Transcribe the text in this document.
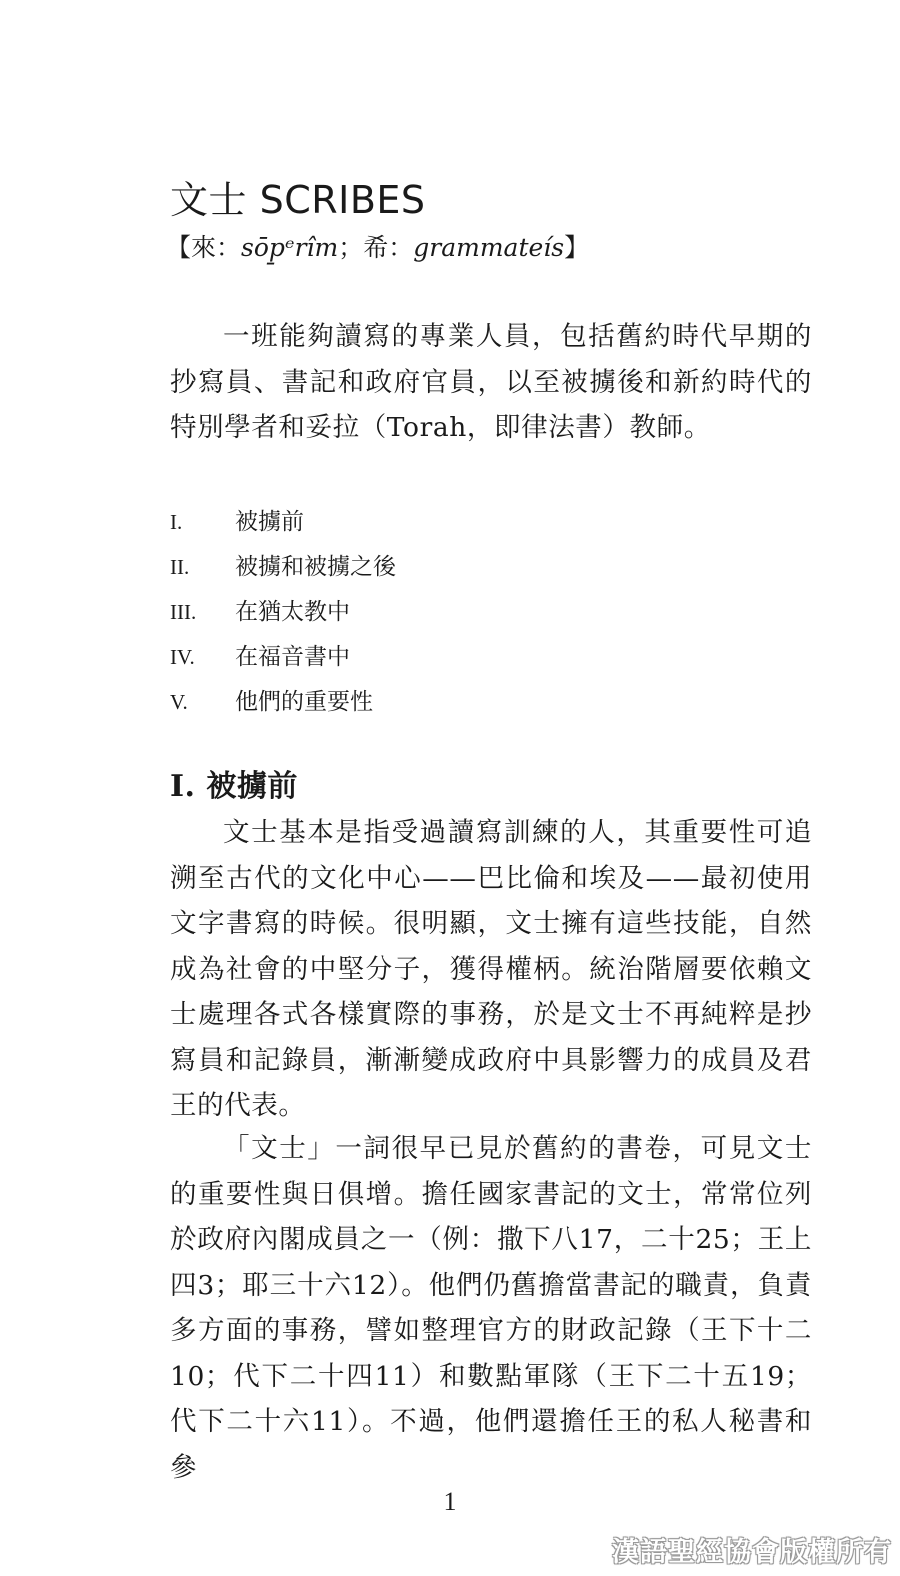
文士 SCRIBES

【來：sōp̱ᵉrîm；希：grammateís】

一班能夠讀寫的專業人員，包括舊約時代早期的抄寫員、書記和政府官員，以至被擄後和新約時代的特別學者和妥拉（Torah，即律法書）教師。

I. 被擄前
II. 被擄和被擄之後
III. 在猶太教中
IV. 在福音書中
V. 他們的重要性
I. 被擄前

文士基本是指受過讀寫訓練的人，其重要性可追溯至古代的文化中心——巴比倫和埃及——最初使用文字書寫的時候。很明顯，文士擁有這些技能，自然成為社會的中堅分子，獲得權柄。統治階層要依賴文士處理各式各樣實際的事務，於是文士不再純粹是抄寫員和記錄員，漸漸變成政府中具影響力的成員及君王的代表。

「文士」一詞很早已見於舊約的書卷，可見文士的重要性與日俱增。擔任國家書記的文士，常常位列於政府內閣成員之一（例：撒下八17，二十25；王上四3；耶三十六12）。他們仍舊擔當書記的職責，負責多方面的事務，譬如整理官方的財政記錄（王下十二10；代下二十四11）和數點軍隊（王下二十五19；代下二十六11）。不過，他們還擔任王的私人秘書和參

1
漢語聖經協會版權所有
